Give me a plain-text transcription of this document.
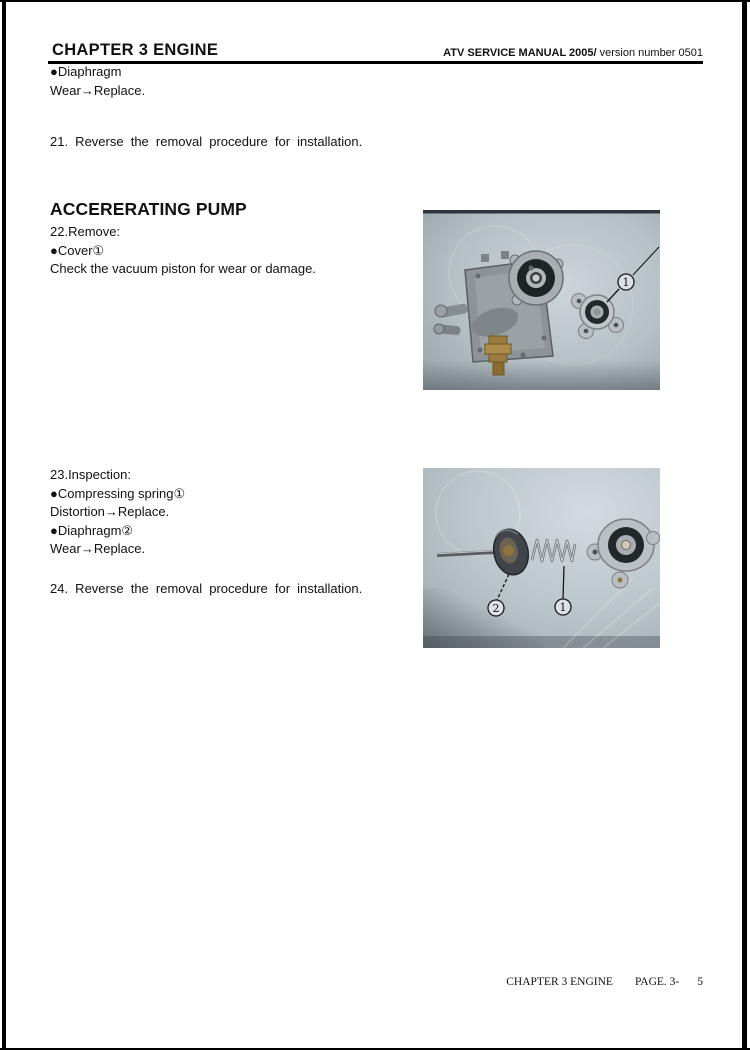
CHAPTER 3 ENGINE	ATV SERVICE MANUAL 2005/ version number 0501
●Diaphragm
Wear→Replace.
21. Reverse the removal procedure for installation.
ACCERERATING PUMP
22.Remove:
●Cover①
Check the vacuum piston for wear or damage.
1
23.Inspection:
●Compressing spring①
Distortion→Replace.
●Diaphragm②
Wear→Replace.
24. Reverse the removal procedure for installation.
2	1
CHAPTER 3 ENGINE PAGE. 3- 5
